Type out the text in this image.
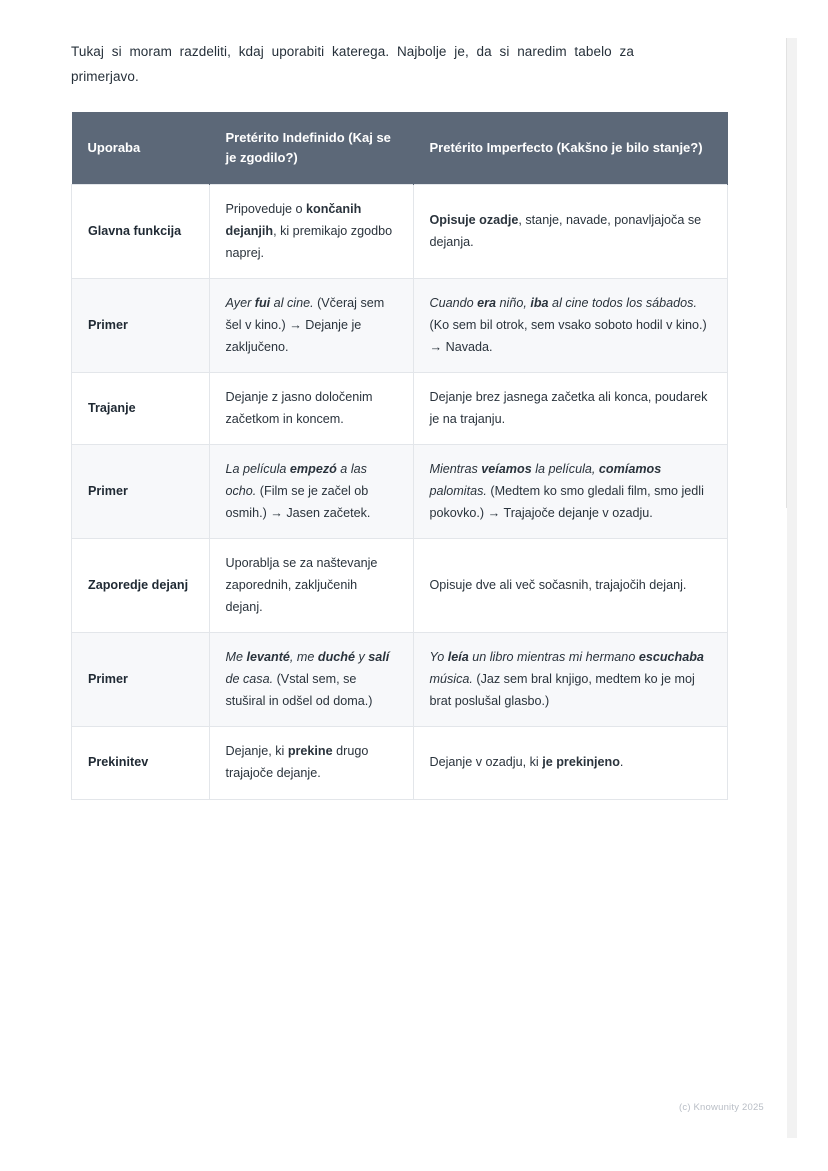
Tukaj si moram razdeliti, kdaj uporabiti katerega. Najbolje je, da si naredim tabelo za primerjavo.

Uporaba	Pretérito Indefinido (Kaj se je zgodilo?)	Pretérito Imperfecto (Kakšno je bilo stanje?)
Glavna funkcija	Pripoveduje o končanih dejanjih, ki premikajo zgodbo naprej.	Opisuje ozadje, stanje, navade, ponavljajoča se dejanja.
Primer	Ayer fui al cine. (Včeraj sem šel v kino.) → Dejanje je zaključeno.	Cuando era niño, iba al cine todos los sábados. (Ko sem bil otrok, sem vsako soboto hodil v kino.) → Navada.
Trajanje	Dejanje z jasno določenim začetkom in koncem.	Dejanje brez jasnega začetka ali konca, poudarek je na trajanju.
Primer	La película empezó a las ocho. (Film se je začel ob osmih.) → Jasen začetek.	Mientras veíamos la película, comíamos palomitas. (Medtem ko smo gledali film, smo jedli pokovko.) → Trajajoče dejanje v ozadju.
Zaporedje dejanj	Uporablja se za naštevanje zaporednih, zaključenih dejanj.	Opisuje dve ali več sočasnih, trajajočih dejanj.
Primer	Me levanté, me duché y salí de casa. (Vstal sem, se stuširal in odšel od doma.)	Yo leía un libro mientras mi hermano escuchaba música. (Jaz sem bral knjigo, medtem ko je moj brat poslušal glasbo.)
Prekinitev	Dejanje, ki prekine drugo trajajoče dejanje.	Dejanje v ozadju, ki je prekinjeno.
(c) Knowunity 2025
